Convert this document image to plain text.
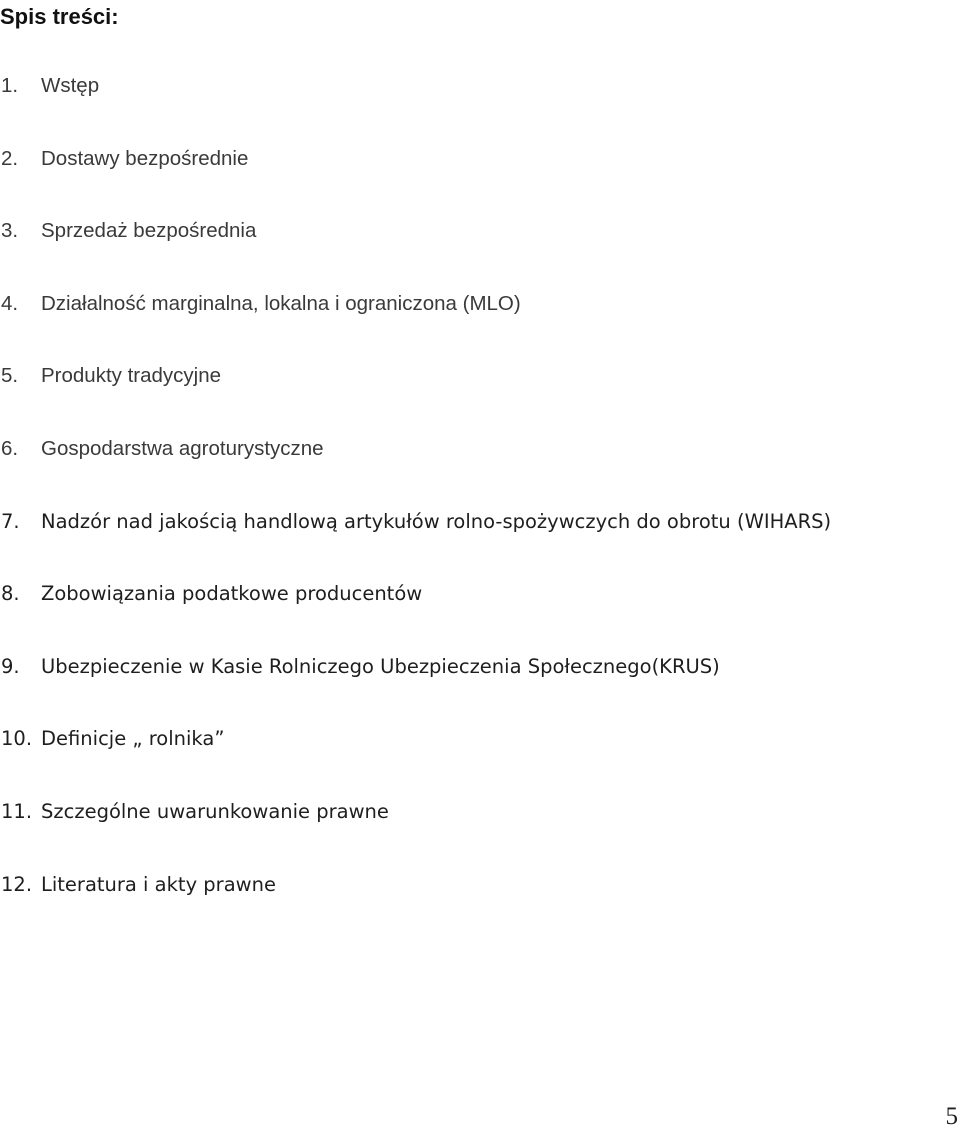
Spis treści:
1.	Wstęp
2.	Dostawy bezpośrednie
3.	Sprzedaż bezpośrednia
4.	Działalność marginalna, lokalna i ograniczona (MLO)
5.	Produkty tradycyjne
6.	Gospodarstwa agroturystyczne
7.	Nadzór nad jakością handlową artykułów rolno-spożywczych do obrotu (WIHARS)
8.	Zobowiązania podatkowe producentów
9.	Ubezpieczenie w Kasie Rolniczego Ubezpieczenia Społecznego(KRUS)
10. Definicje „ rolnika”
11. Szczególne uwarunkowanie prawne
12. Literatura i akty prawne
5
